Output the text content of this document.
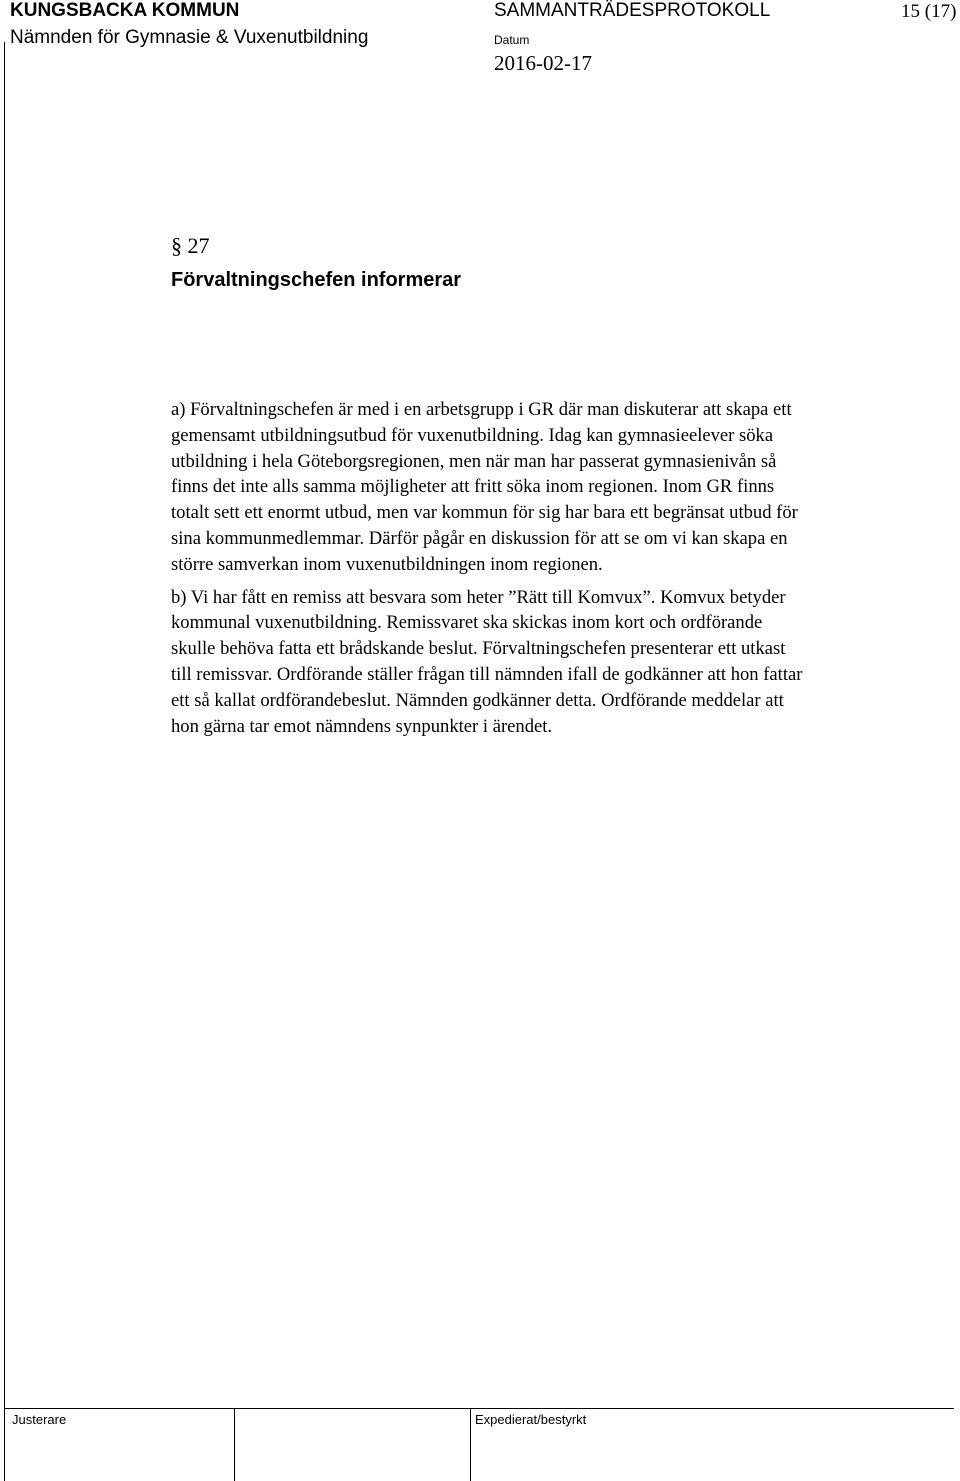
KUNGSBACKA KOMMUN
Nämnden för Gymnasie & Vuxenutbildning
SAMMANTRÄDESPROTOKOLL	15 (17)
Datum
2016-02-17
§ 27
Förvaltningschefen informerar

a) Förvaltningschefen är med i en arbetsgrupp i GR där man diskuterar att skapa ett
gemensamt utbildningsutbud för vuxenutbildning. Idag kan gymnasieelever söka
utbildning i hela Göteborgsregionen, men när man har passerat gymnasienivån så
finns det inte alls samma möjligheter att fritt söka inom regionen. Inom GR finns
totalt sett ett enormt utbud, men var kommun för sig har bara ett begränsat utbud för
sina kommunmedlemmar. Därför pågår en diskussion för att se om vi kan skapa en
större samverkan inom vuxenutbildningen inom regionen.

b) Vi har fått en remiss att besvara som heter ”Rätt till Komvux”. Komvux betyder
kommunal vuxenutbildning. Remissvaret ska skickas inom kort och ordförande
skulle behöva fatta ett brådskande beslut. Förvaltningschefen presenterar ett utkast
till remissvar. Ordförande ställer frågan till nämnden ifall de godkänner att hon fattar
ett så kallat ordförandebeslut. Nämnden godkänner detta. Ordförande meddelar att
hon gärna tar emot nämndens synpunkter i ärendet.

Justerare	Expedierat/bestyrkt
